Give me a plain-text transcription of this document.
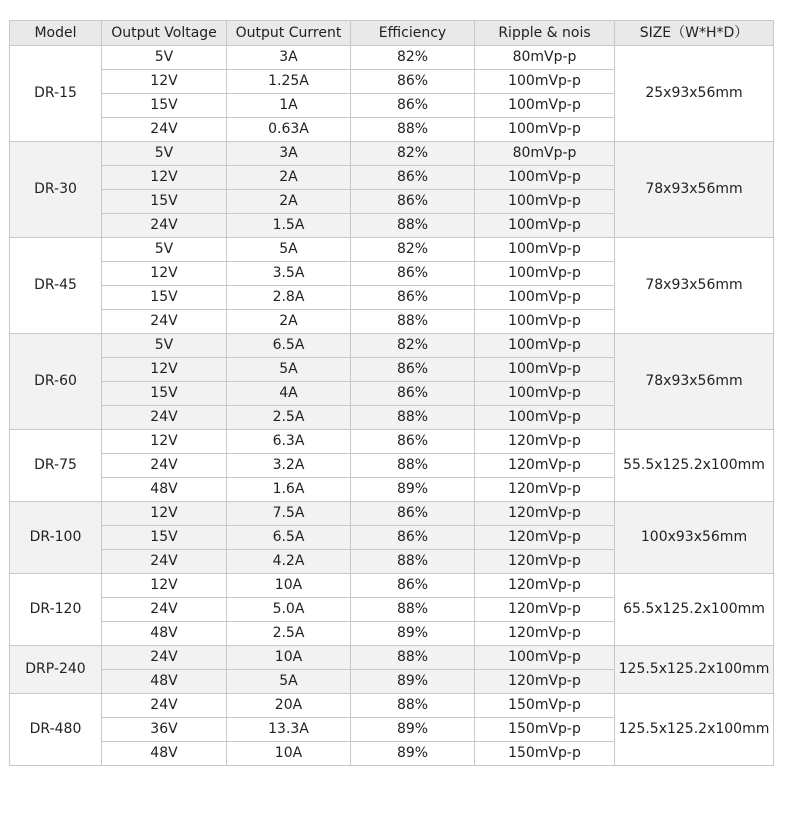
Model	Output Voltage	Output Current	Efficiency	Ripple & nois	SIZE（W*H*D）
DR-15	5V	3A	82%	80mVp-p	25x93x56mm
	12V	1.25A	86%	100mVp-p	
	15V	1A	86%	100mVp-p	
	24V	0.63A	88%	100mVp-p	
DR-30	5V	3A	82%	80mVp-p	78x93x56mm
	12V	2A	86%	100mVp-p	
	15V	2A	86%	100mVp-p	
	24V	1.5A	88%	100mVp-p	
DR-45	5V	5A	82%	100mVp-p	78x93x56mm
	12V	3.5A	86%	100mVp-p	
	15V	2.8A	86%	100mVp-p	
	24V	2A	88%	100mVp-p	
DR-60	5V	6.5A	82%	100mVp-p	78x93x56mm
	12V	5A	86%	100mVp-p	
	15V	4A	86%	100mVp-p	
	24V	2.5A	88%	100mVp-p	
DR-75	12V	6.3A	86%	120mVp-p	55.5x125.2x100mm
	24V	3.2A	88%	120mVp-p	
	48V	1.6A	89%	120mVp-p	
DR-100	12V	7.5A	86%	120mVp-p	100x93x56mm
	15V	6.5A	86%	120mVp-p	
	24V	4.2A	88%	120mVp-p	
DR-120	12V	10A	86%	120mVp-p	65.5x125.2x100mm
	24V	5.0A	88%	120mVp-p	
	48V	2.5A	89%	120mVp-p	
DRP-240	24V	10A	88%	100mVp-p	125.5x125.2x100mm
	48V	5A	89%	120mVp-p	
DR-480	24V	20A	88%	150mVp-p	125.5x125.2x100mm
	36V	13.3A	89%	150mVp-p	
	48V	10A	89%	150mVp-p	
